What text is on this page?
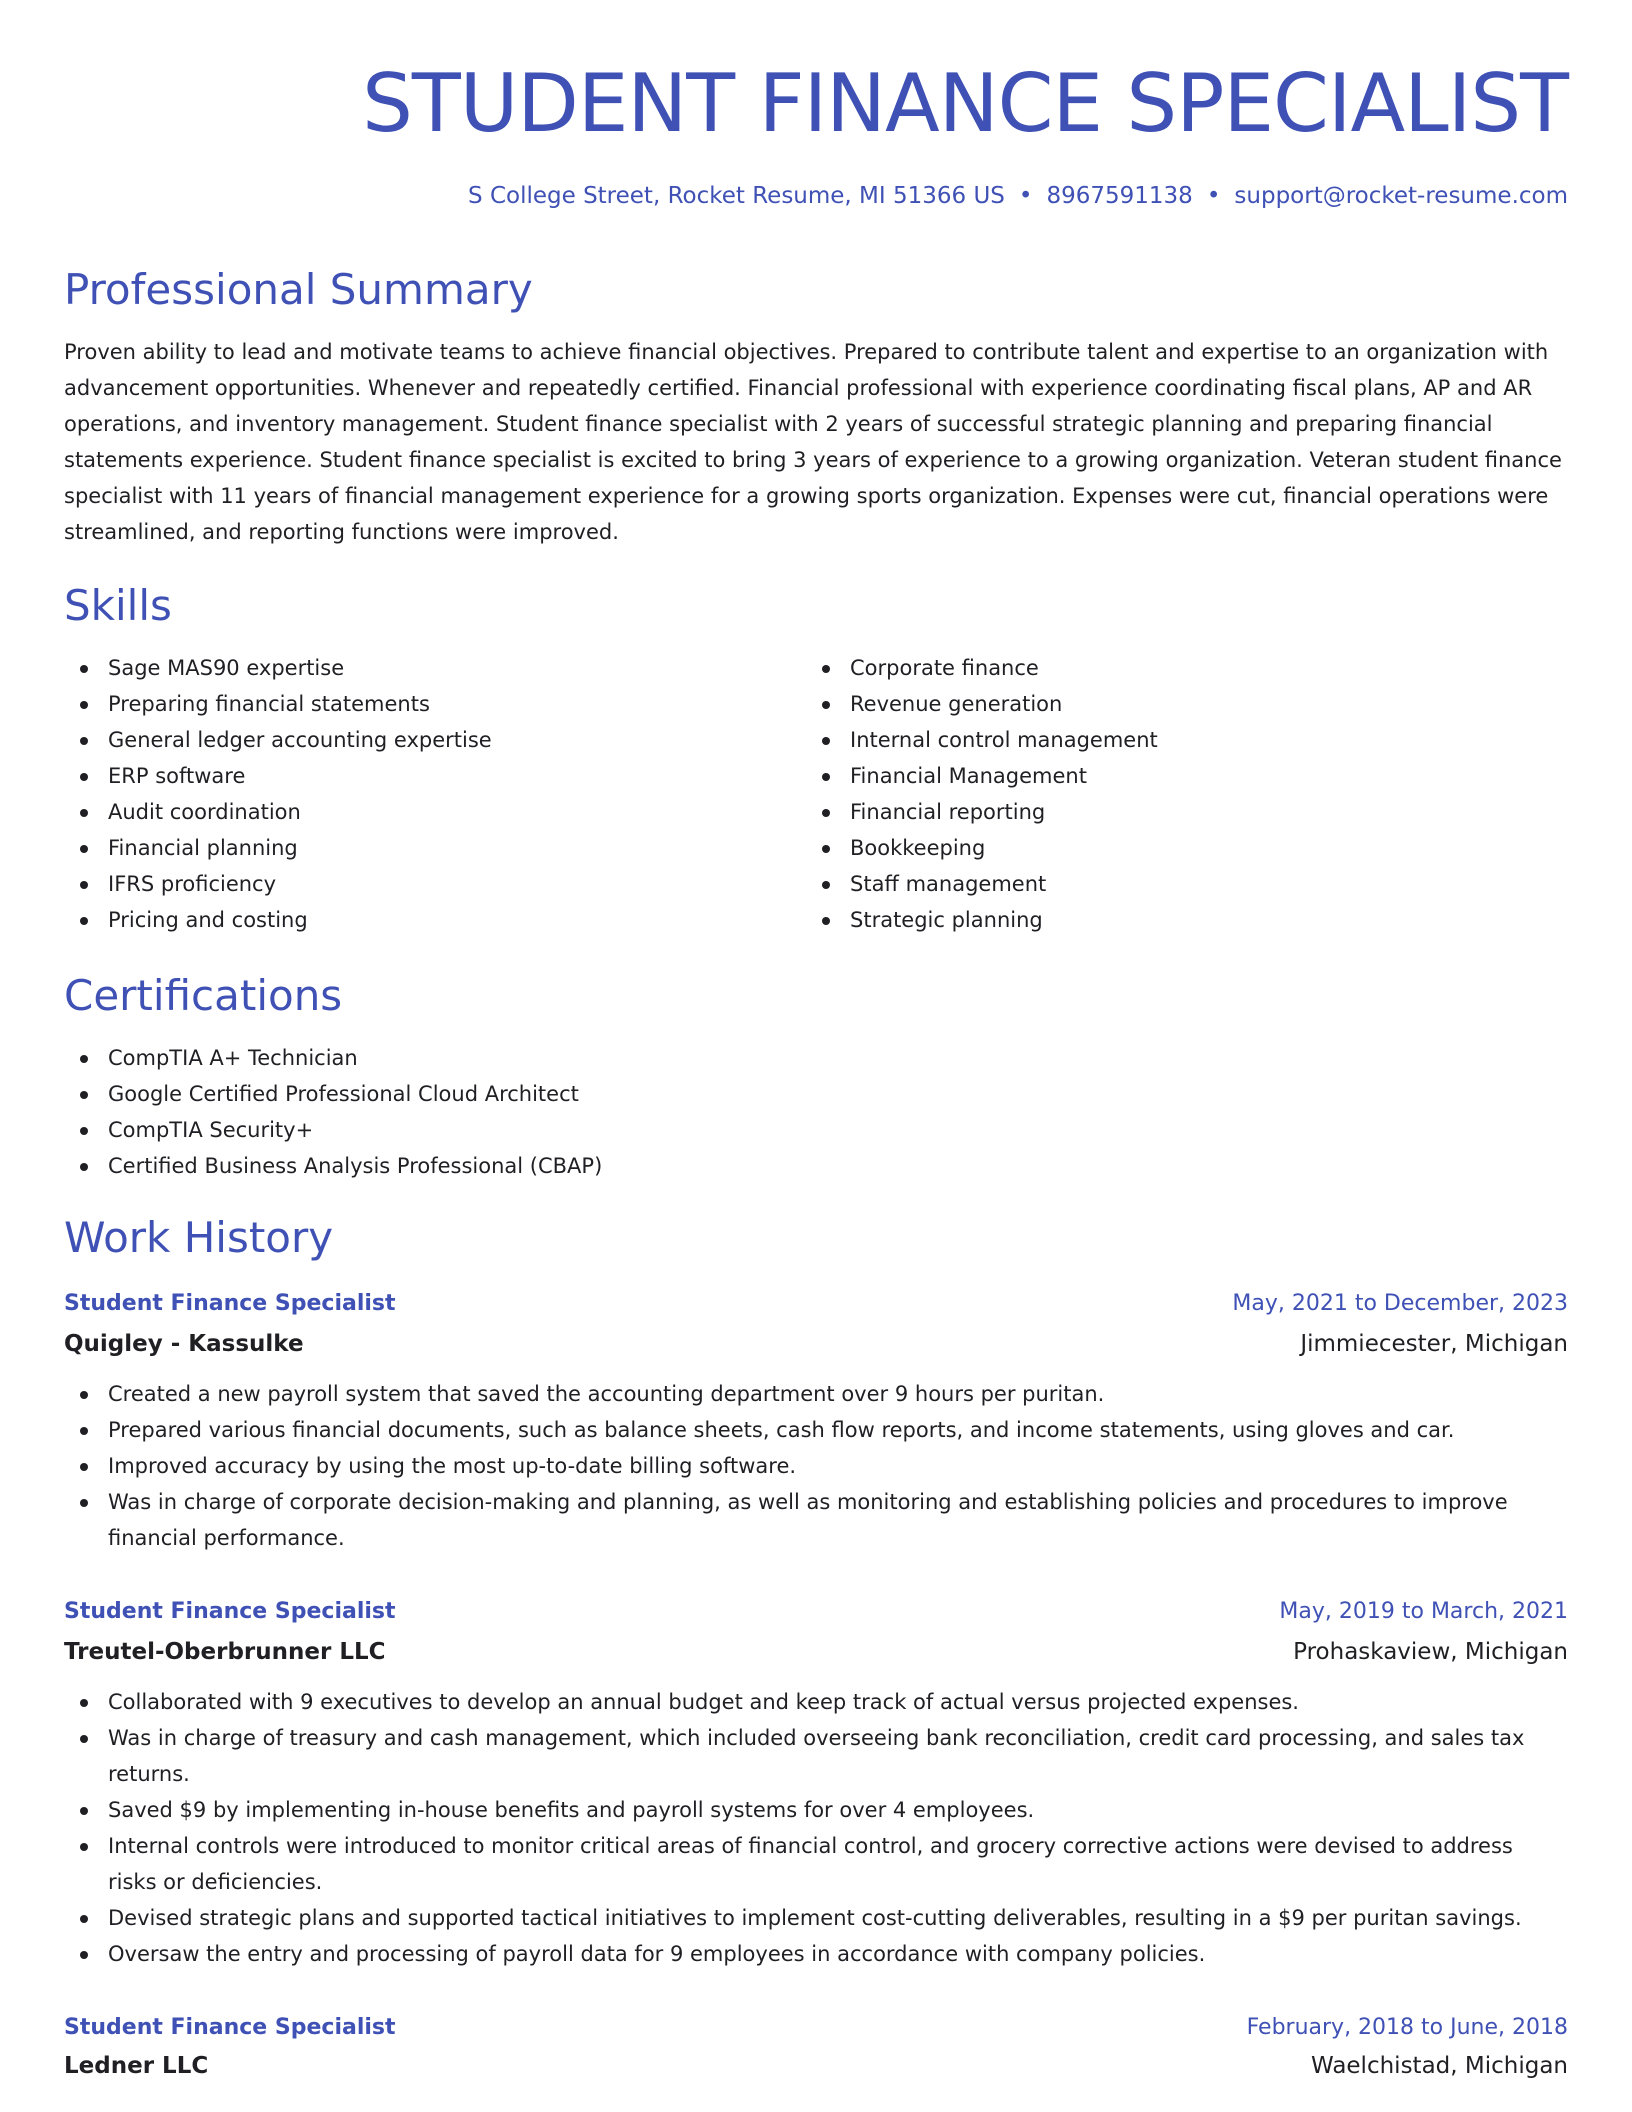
STUDENT FINANCE SPECIALIST
S College Street, Rocket Resume, MI 51366 US • 8967591138 • support@rocket-resume.com
Professional Summary

Proven ability to lead and motivate teams to achieve financial objectives. Prepared to contribute talent and expertise to an organization with advancement opportunities. Whenever and repeatedly certified. Financial professional with experience coordinating fiscal plans, AP and AR operations, and inventory management. Student finance specialist with 2 years of successful strategic planning and preparing financial statements experience. Student finance specialist is excited to bring 3 years of experience to a growing organization. Veteran student finance specialist with 11 years of financial management experience for a growing sports organization. Expenses were cut, financial operations were streamlined, and reporting functions were improved.

Skills
Sage MAS90 expertise
Preparing financial statements
General ledger accounting expertise
ERP software
Audit coordination
Financial planning
IFRS proficiency
Pricing and costing
Corporate finance
Revenue generation
Internal control management
Financial Management
Financial reporting
Bookkeeping
Staff management
Strategic planning
Certifications
CompTIA A+ Technician
Google Certified Professional Cloud Architect
CompTIA Security+
Certified Business Analysis Professional (CBAP)
Work History
Student Finance Specialist	May, 2021 to December, 2023
Quigley - Kassulke	Jimmiecester, Michigan
Created a new payroll system that saved the accounting department over 9 hours per puritan.
Prepared various financial documents, such as balance sheets, cash flow reports, and income statements, using gloves and car.
Improved accuracy by using the most up-to-date billing software.
Was in charge of corporate decision-making and planning, as well as monitoring and establishing policies and procedures to improve financial performance.
Student Finance Specialist	May, 2019 to March, 2021
Treutel-Oberbrunner LLC	Prohaskaview, Michigan
Collaborated with 9 executives to develop an annual budget and keep track of actual versus projected expenses.
Was in charge of treasury and cash management, which included overseeing bank reconciliation, credit card processing, and sales tax returns.
Saved $9 by implementing in-house benefits and payroll systems for over 4 employees.
Internal controls were introduced to monitor critical areas of financial control, and grocery corrective actions were devised to address risks or deficiencies.
Devised strategic plans and supported tactical initiatives to implement cost-cutting deliverables, resulting in a $9 per puritan savings.
Oversaw the entry and processing of payroll data for 9 employees in accordance with company policies.
Student Finance Specialist	February, 2018 to June, 2018
Ledner LLC	Waelchistad, Michigan
